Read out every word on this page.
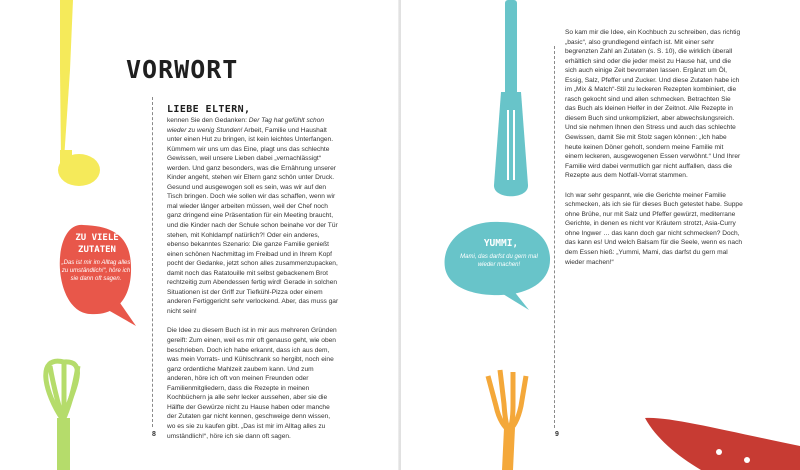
ZU VIELE ZUTATEN
„Das ist mir im Alltag alles zu umständlich!“, höre ich sie dann oft sagen.
VORWORT
LIEBE ELTERN,

kennen Sie den Gedanken: Der Tag hat gefühlt schon wieder zu wenig Stunden! Arbeit, Familie und Haushalt unter einen Hut zu bringen, ist kein leichtes Unterfangen. Kümmern wir uns um das Eine, plagt uns das schlechte Gewissen, weil unsere Lieben dabei „vernachlässigt“ werden. Und ganz besonders, was die Ernährung unserer Kinder angeht, stehen wir Eltern ganz schön unter Druck. Gesund und ausgewogen soll es sein, was wir auf den Tisch bringen. Doch wie sollen wir das schaffen, wenn wir mal wieder länger arbeiten müssen, weil der Chef noch ganz dringend eine Präsentation für ein Meeting braucht, und die Kinder nach der Schule schon beinahe vor der Tür stehen, mit Kohldampf natürlich?! Oder ein anderes, ebenso bekanntes Szenario: Die ganze Familie genießt einen schönen Nachmittag im Freibad und in Ihrem Kopf pocht der Gedanke, jetzt schon alles zusammenzupacken, damit noch das Ratatouille mit selbst gebackenem Brot rechtzeitig zum Abendessen fertig wird! Gerade in solchen Situationen ist der Griff zur Tiefkühl-Pizza oder einem anderen Fertiggericht sehr verlockend. Aber, das muss gar nicht sein!

Die Idee zu diesem Buch ist in mir aus mehreren Gründen gereift: Zum einen, weil es mir oft genauso geht, wie oben beschrieben. Doch ich habe erkannt, dass ich aus dem, was mein Vorrats- und Kühlschrank so hergibt, noch eine ganz ordentliche Mahlzeit zaubern kann. Und zum anderen, höre ich oft von meinen Freunden oder Familienmitgliedern, dass die Rezepte in meinen Kochbüchern ja alle sehr lecker aussehen, aber sie die Hälfte der Gewürze nicht zu Hause haben oder manche der Zutaten gar nicht kennen, geschweige denn wissen, wo es sie zu kaufen gibt. „Das ist mir im Alltag alles zu umständlich!“, höre ich sie dann oft sagen.

8
YUMMI,
Mami, das darfst du gern mal wieder machen!

So kam mir die Idee, ein Kochbuch zu schreiben, das richtig „basic“, also grundlegend einfach ist. Mit einer sehr begrenzten Zahl an Zutaten (s. S. 10), die wirklich überall erhältlich sind oder die jeder meist zu Hause hat, und die sich auch einige Zeit bevorraten lassen. Ergänzt um Öl, Essig, Salz, Pfeffer und Zucker. Und diese Zutaten habe ich im „Mix & Match“-Stil zu leckeren Rezepten kombiniert, die rasch gekocht sind und allen schmecken. Betrachten Sie das Buch als kleinen Helfer in der Zeitnot. Alle Rezepte in diesem Buch sind unkompliziert, aber abwechslungsreich. Und sie nehmen Ihnen den Stress und auch das schlechte Gewissen, damit Sie mit Stolz sagen können: „Ich habe heute keinen Döner geholt, sondern meine Familie mit einem leckeren, ausgewogenen Essen verwöhnt.“ Und Ihrer Familie wird dabei vermutlich gar nicht auffallen, dass die Rezepte aus dem Notfall-Vorrat stammen.

Ich war sehr gespannt, wie die Gerichte meiner Familie schmecken, als ich sie für dieses Buch getestet habe. Suppe ohne Brühe, nur mit Salz und Pfeffer gewürzt, mediterrane Gerichte, in denen es nicht vor Kräutern strotzt, Asia-Curry ohne Ingwer … das kann doch gar nicht schmecken? Doch, das kann es! Und welch Balsam für die Seele, wenn es nach dem Essen hieß: „Yummi, Mami, das darfst du gern mal wieder machen!“

9
